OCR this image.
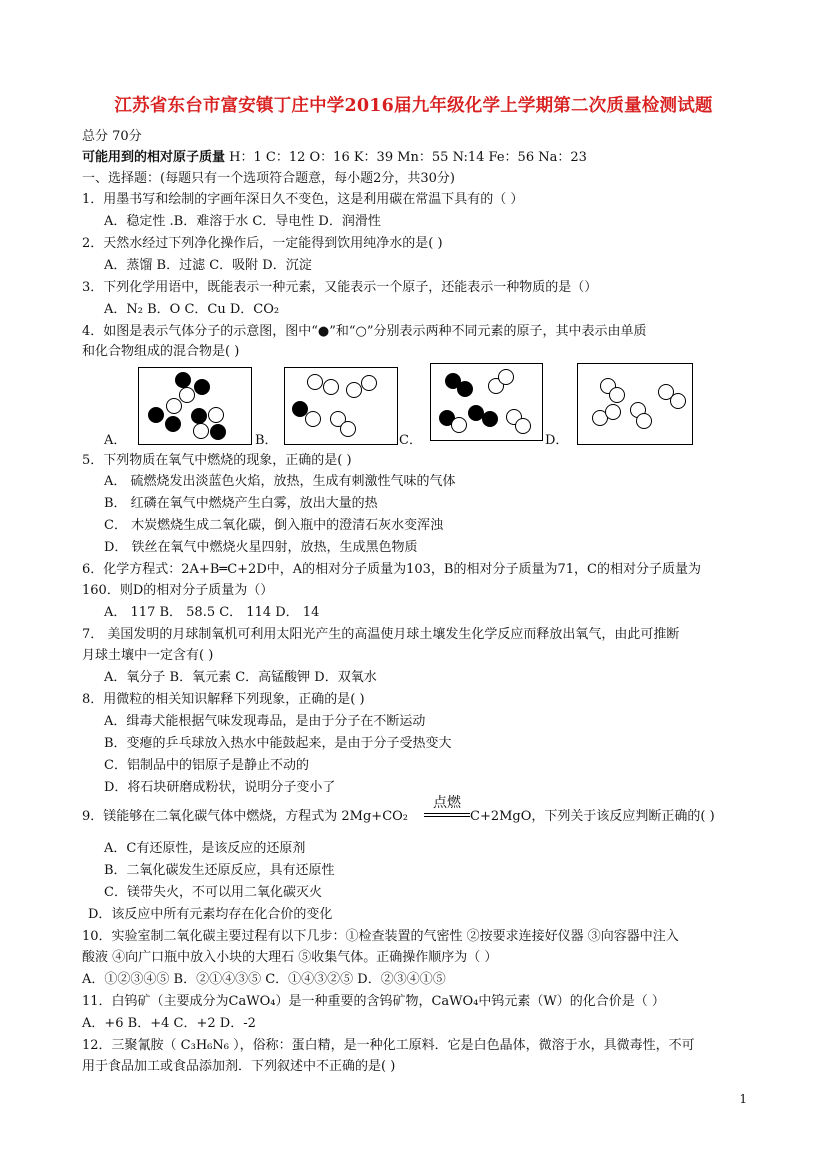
江苏省东台市富安镇丁庄中学2016届九年级化学上学期第二次质量检测试题
总分 70分
可能用到的相对原子质量 H：1 C：12 O：16 K：39 Mn：55 N:14 Fe：56 Na：23
一、选择题：(每题只有一个选项符合题意，每小题2分，共30分)
1．用墨书写和绘制的字画年深日久不变色，这是利用碳在常温下具有的（ ）
A．稳定性 .B．难溶于水 C．导电性 D．润滑性
2．天然水经过下列净化操作后，一定能得到饮用纯净水的是( )
A．蒸馏 B．过滤 C．吸附 D．沉淀
3．下列化学用语中，既能表示一种元素，又能表示一个原子，还能表示一种物质的是（）
A．N₂ B．O C．Cu D．CO₂
4．如图是表示气体分子的示意图，图中“●”和“○”分别表示两种不同元素的原子，其中表示由单质
和化合物组成的混合物是( )
A．	B．	C．	D．
5．下列物质在氧气中燃烧的现象，正确的是( )
A． 硫燃烧发出淡蓝色火焰，放热，生成有刺激性气味的气体
B． 红磷在氧气中燃烧产生白雾，放出大量的热
C． 木炭燃烧生成二氧化碳，倒入瓶中的澄清石灰水变浑浊
D． 铁丝在氧气中燃烧火星四射，放热，生成黑色物质
6．化学方程式：2A+B═C+2D中，A的相对分子质量为103，B的相对分子质量为71，C的相对分子质量为
160．则D的相对分子质量为（）
A． 117 B． 58.5 C． 114 D． 14
7． 美国发明的月球制氧机可利用太阳光产生的高温使月球土壤发生化学反应而释放出氧气，由此可推断
月球土壤中一定含有( )
A．氧分子 B．氧元素 C．高锰酸钾 D．双氧水
8．用微粒的相关知识解释下列现象，正确的是( )
A．缉毒犬能根据气味发现毒品，是由于分子在不断运动
B．变瘪的乒乓球放入热水中能鼓起来，是由于分子受热变大
C．铝制品中的铝原子是静止不动的
D．将石块研磨成粉状，说明分子变小了
9．镁能够在二氧化碳气体中燃烧，方程式为 2Mg+CO₂
点燃
C+2MgO，下列关于该反应判断正确的( )
A．C有还原性，是该反应的还原剂
B．二氧化碳发生还原反应，具有还原性
C．镁带失火，不可以用二氧化碳灭火
D．该反应中所有元素均存在化合价的变化
10．实验室制二氧化碳主要过程有以下几步：①检查装置的气密性 ②按要求连接好仪器 ③向容器中注入
酸液 ④向广口瓶中放入小块的大理石 ⑤收集气体。正确操作顺序为（ ）
A．①②③④⑤ B．②①④③⑤ C．①④③②⑤ D．②③④①⑤
11．白钨矿（主要成分为CaWO₄）是一种重要的含钨矿物，CaWO₄中钨元素（W）的化合价是（ ）
A．+6 B．+4 C．+2 D．-2
12．三聚氰胺（ C₃H₆N₆ ），俗称：蛋白精，是一种化工原料．它是白色晶体，微溶于水，具微毒性，不可
用于食品加工或食品添加剂．下列叙述中不正确的是( )
1
